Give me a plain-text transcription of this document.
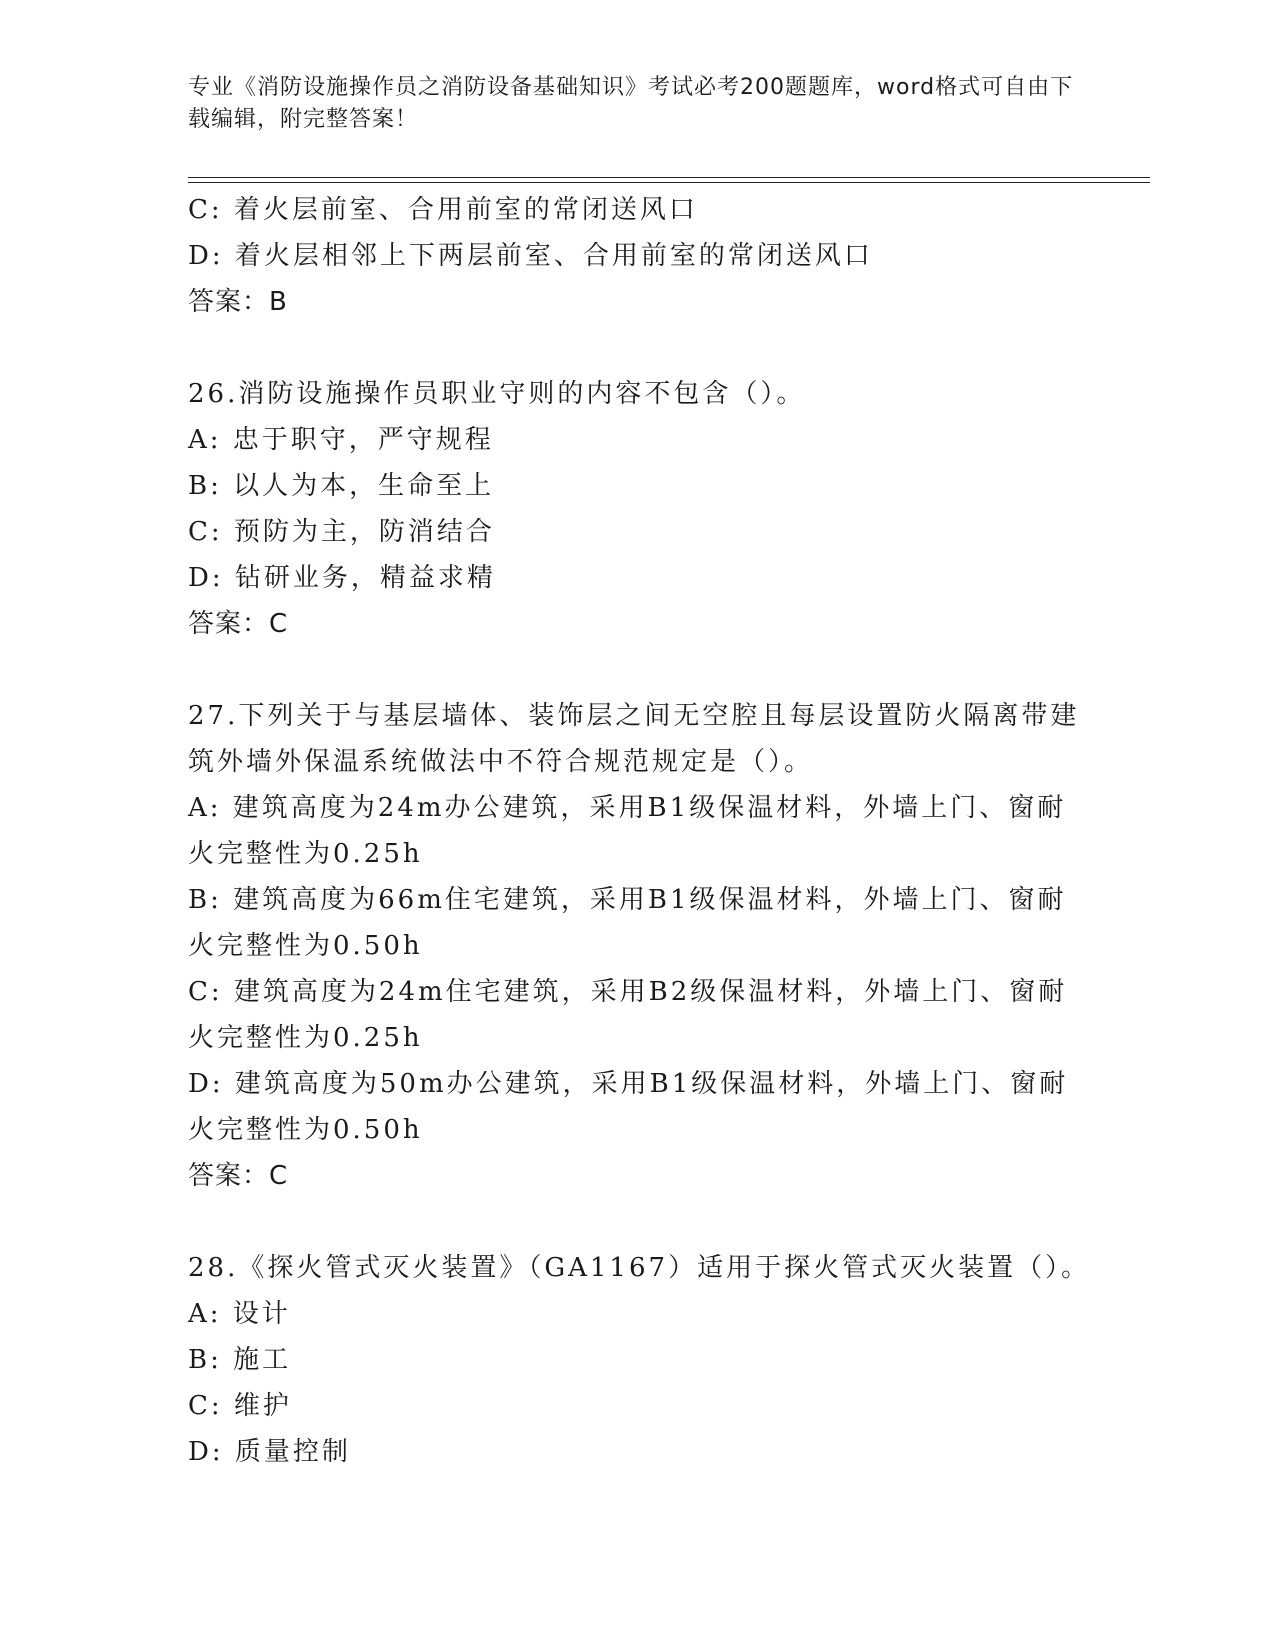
专业《消防设施操作员之消防设备基础知识》考试必考200题题库，word格式可自由下载编辑，附完整答案！
C: 着火层前室、合用前室的常闭送风口
D: 着火层相邻上下两层前室、合用前室的常闭送风口
答案：B
26.消防设施操作员职业守则的内容不包含（）。
A: 忠于职守，严守规程
B: 以人为本，生命至上
C: 预防为主，防消结合
D: 钻研业务，精益求精
答案：C
27.下列关于与基层墙体、装饰层之间无空腔且每层设置防火隔离带建
筑外墙外保温系统做法中不符合规范规定是（）。
A: 建筑高度为24m办公建筑，采用B1级保温材料，外墙上门、窗耐
火完整性为0.25h
B: 建筑高度为66m住宅建筑，采用B1级保温材料，外墙上门、窗耐
火完整性为0.50h
C: 建筑高度为24m住宅建筑，采用B2级保温材料，外墙上门、窗耐
火完整性为0.25h
D: 建筑高度为50m办公建筑，采用B1级保温材料，外墙上门、窗耐
火完整性为0.50h
答案：C
28.《探火管式灭火装置》（GA1167）适用于探火管式灭火装置（）。
A: 设计
B: 施工
C: 维护
D: 质量控制
